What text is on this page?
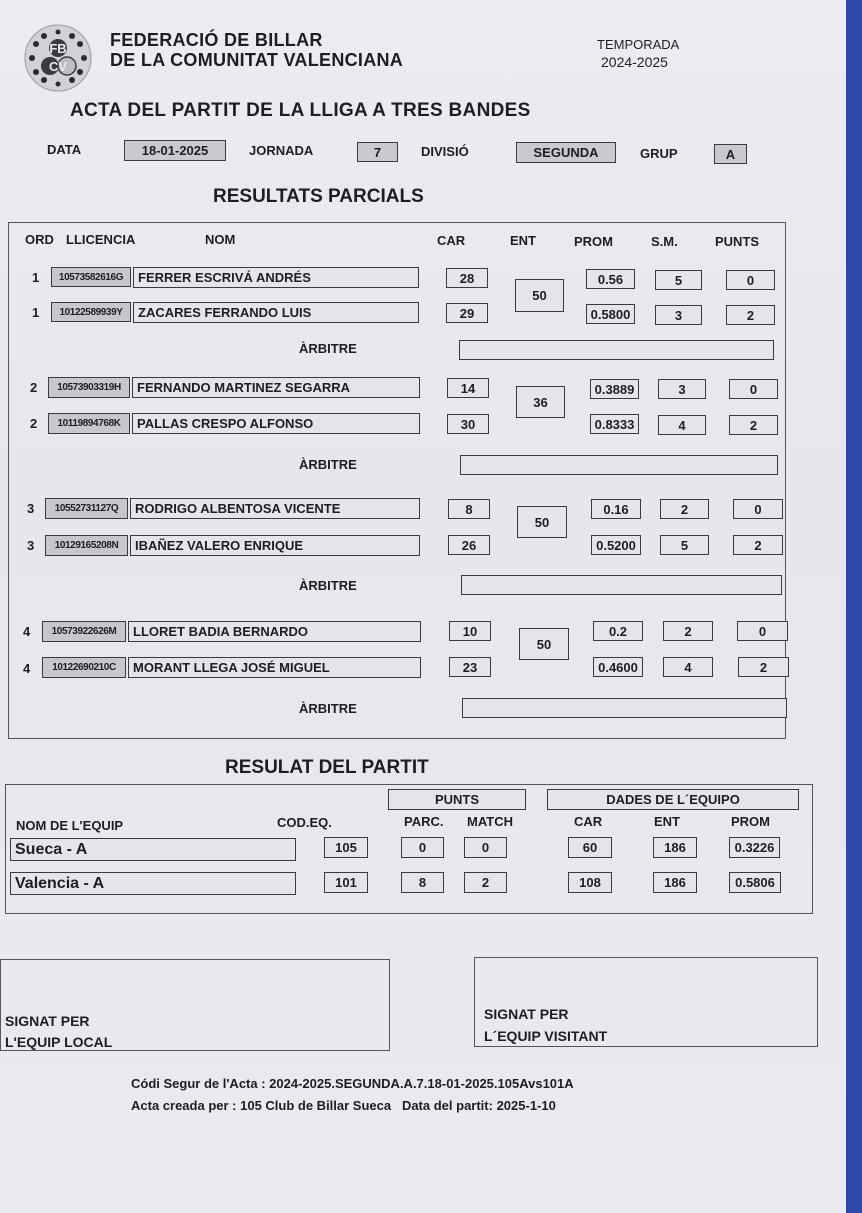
FB
CV
FEDERACIÓ DE BILLAR
DE LA COMUNITAT VALENCIANA
TEMPORADA
2024-2025
ACTA DEL PARTIT DE LA LLIGA A TRES BANDES
DATA	18-01-2025	JORNADA	7	DIVISIÓ	SEGUNDA	GRUP	A
RESULTATS PARCIALS
ORD LLICENCIA	NOM	CAR	ENT	PROM	S.M.	PUNTS
1	10573582616G	FERRER ESCRIVÁ ANDRÉS	28	0.56	5	0
1	10122589939Y	ZACARES FERRANDO LUIS	29	0.5800	3	2
50
ÀRBITRE
2	10573903319H	FERNANDO MARTINEZ SEGARRA	14	0.3889	3	0
2	10119894768K	PALLAS CRESPO ALFONSO	30	0.8333	4	2
36
ÀRBITRE
3	10552731127Q	RODRIGO ALBENTOSA VICENTE	8	0.16	2	0
3	10129165208N	IBAÑEZ VALERO ENRIQUE	26	0.5200	5	2
50
ÀRBITRE
4	10573922626M	LLORET BADIA BERNARDO	10	0.2	2	0
4	10122690210C	MORANT LLEGA JOSÉ MIGUEL	23	0.4600	4	2
50
ÀRBITRE
RESULAT DEL PARTIT
PUNTS	DADES DE L´EQUIPO
NOM DE L'EQUIP	COD.EQ.	PARC. MATCH	CAR	ENT	PROM
Sueca - A	105	0	0	60	186	0.3226
Valencia - A	101	8	2	108	186	0.5806
SIGNAT PER
L'EQUIP LOCAL
SIGNAT PER
L´EQUIP VISITANT
Códi Segur de l'Acta : 2024-2025.SEGUNDA.A.7.18-01-2025.105Avs101A
Acta creada per : 105 Club de Billar Sueca   Data del partit: 2025-1-10
